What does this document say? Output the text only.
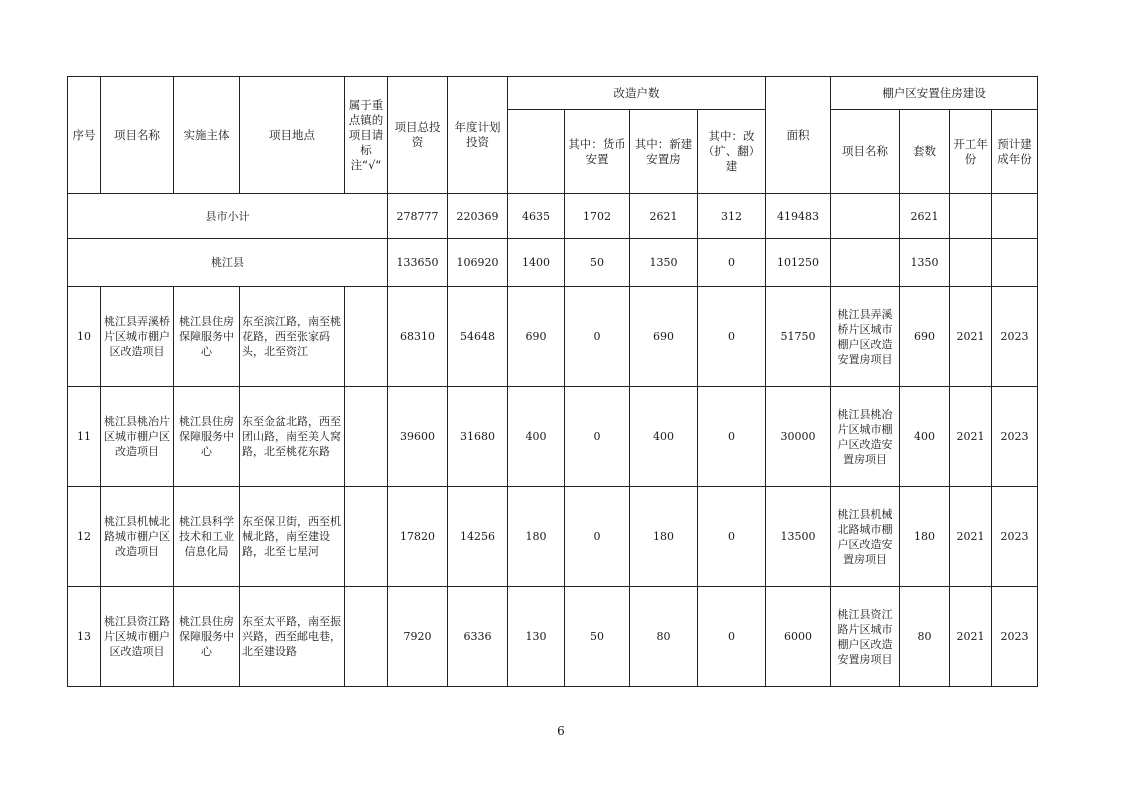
序号	项目名称	实施主体	项目地点	属于重点镇的项目请标注“√“	项目总投资	年度计划投资	改造户数				面积	棚户区安置住房建设			
								其中：货币安置	其中：新建安置房	其中：改（扩、翻）建		项目名称	套数	开工年份	预计建成年份
县市小计					278777	220369	4635	1702	2621	312	419483		2621		
桃江县					133650	106920	1400	50	1350	0	101250		1350		
10	桃江县弄溪桥片区城市棚户区改造项目	桃江县住房保障服务中心	东至滨江路，南至桃花路，西至张家码头，北至资江		68310	54648	690	0	690	0	51750	桃江县弄溪桥片区城市棚户区改造安置房项目	690	2021	2023
11	桃江县桃冶片区城市棚户区改造项目	桃江县住房保障服务中心	东至金盆北路，西至团山路，南至美人窝路，北至桃花东路		39600	31680	400	0	400	0	30000	桃江县桃冶片区城市棚户区改造安置房项目	400	2021	2023
12	桃江县机械北路城市棚户区改造项目	桃江县科学技术和工业信息化局	东至保卫街，西至机械北路，南至建设路，北至七星河		17820	14256	180	0	180	0	13500	桃江县机械北路城市棚户区改造安置房项目	180	2021	2023
13	桃江县资江路片区城市棚户区改造项目	桃江县住房保障服务中心	东至太平路，南至振兴路，西至邮电巷，北至建设路		7920	6336	130	50	80	0	6000	桃江县资江路片区城市棚户区改造安置房项目	80	2021	2023
6
